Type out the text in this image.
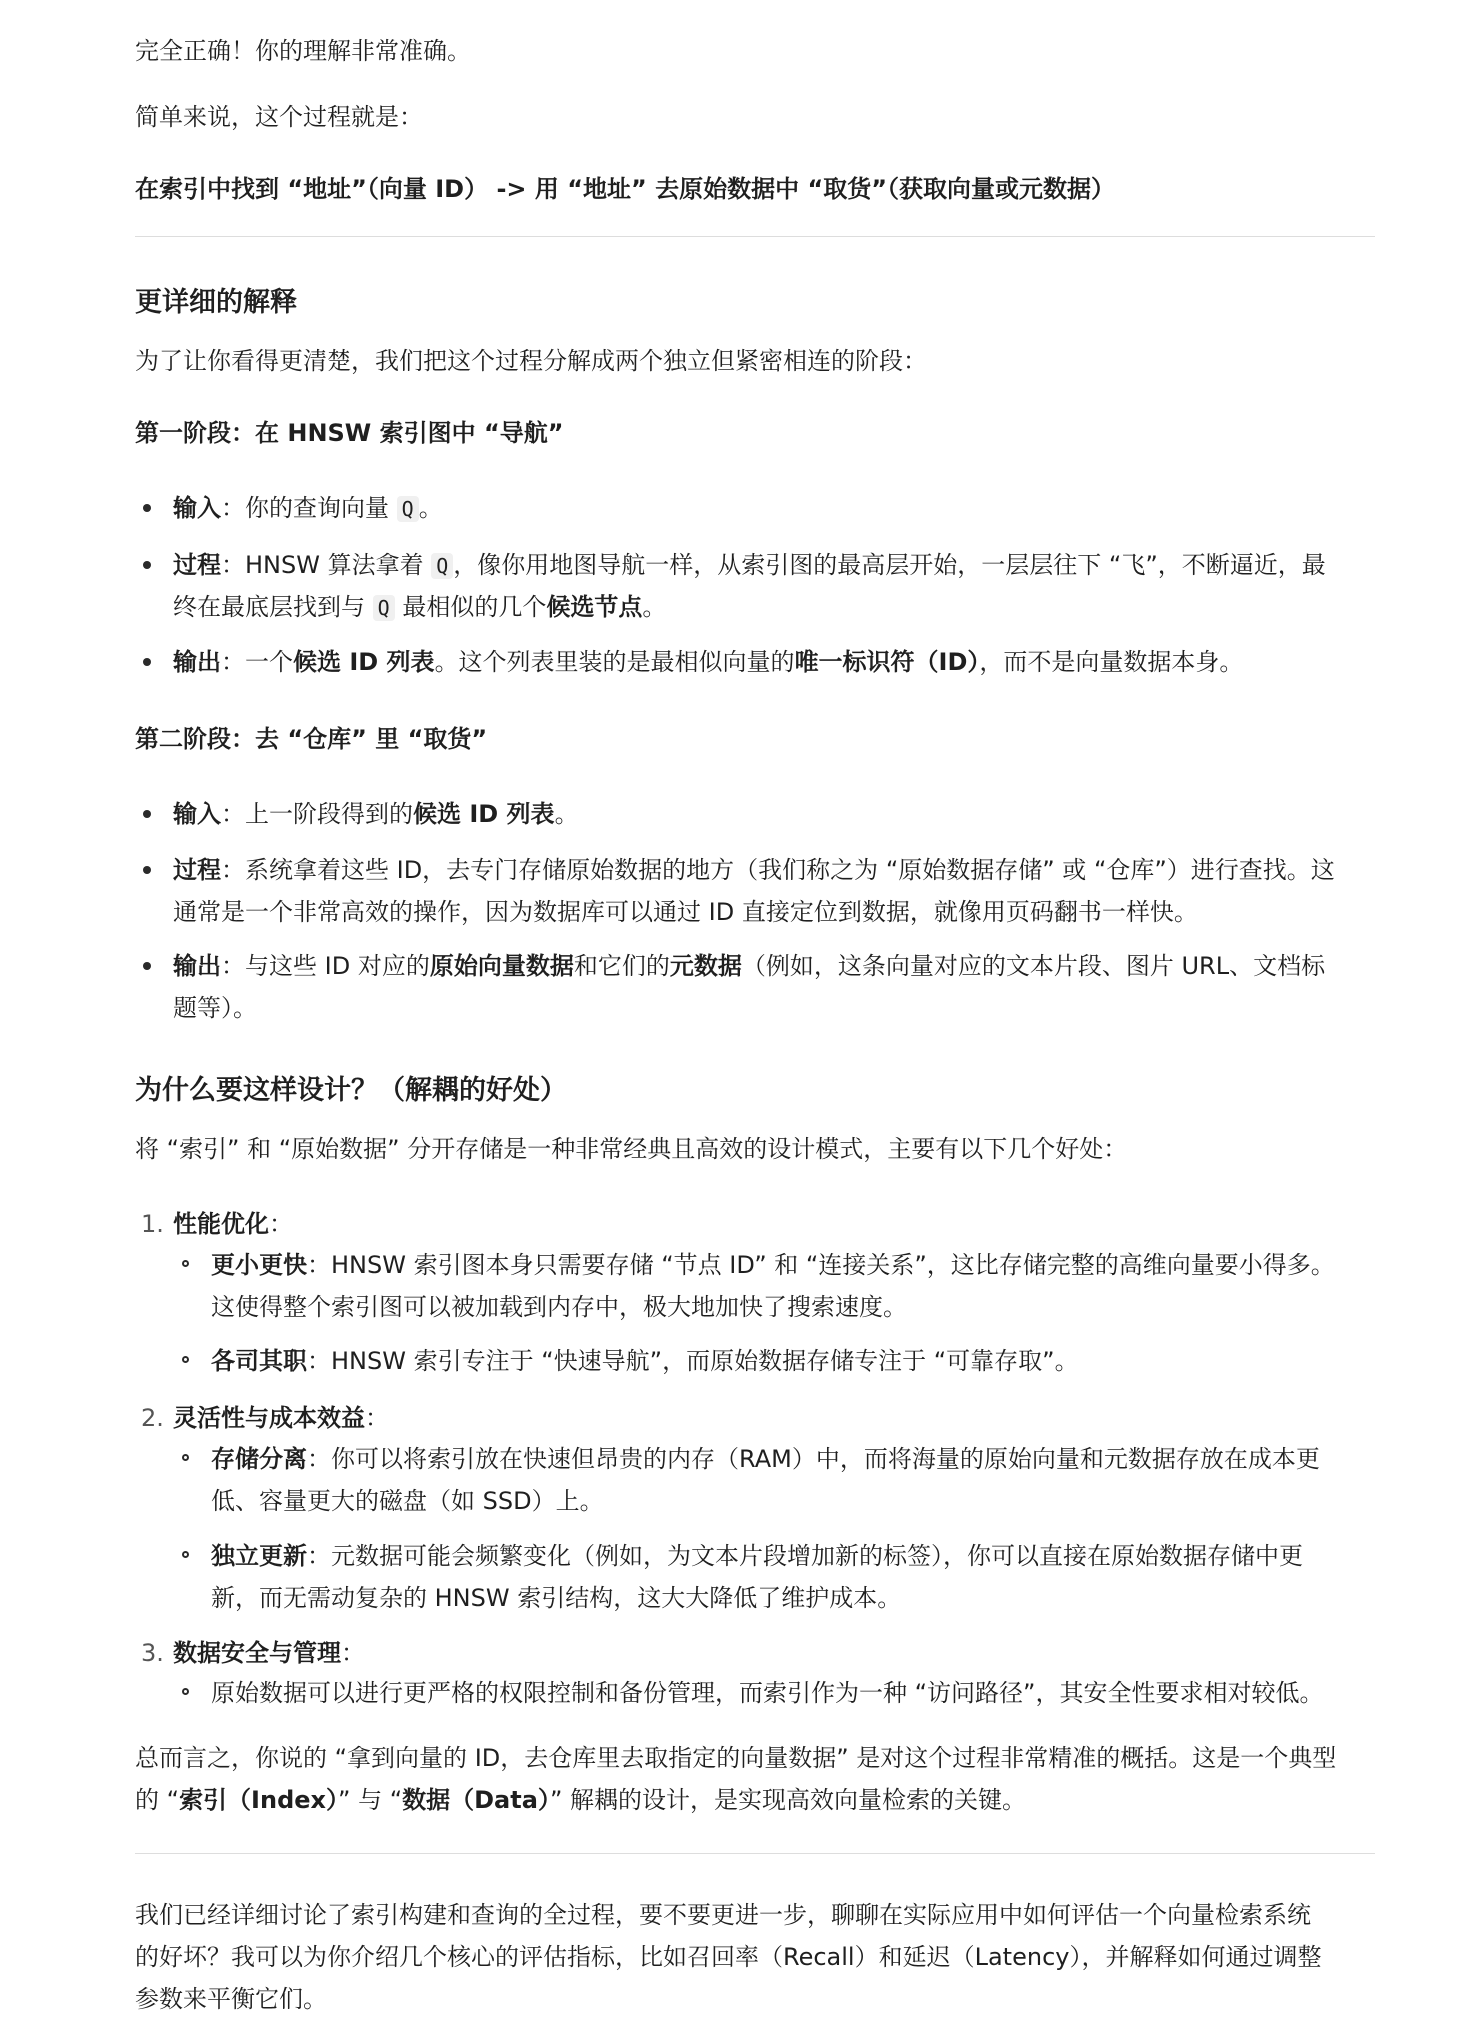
完全正确！你的理解非常准确。
简单来说，这个过程就是：
在索引中找到 “地址”（向量 ID） -> 用 “地址” 去原始数据中 “取货”（获取向量或元数据）
更详细的解释
为了让你看得更清楚，我们把这个过程分解成两个独立但紧密相连的阶段：
第一阶段：在 HNSW 索引图中 “导航”
输入：你的查询向量 Q 。
过程：HNSW 算法拿着 Q ，像你用地图导航一样，从索引图的最高层开始，一层层往下 “飞”，不断逼近，最
终在最底层找到与 Q 最相似的几个候选节点。
输出：一个候选 ID 列表。这个列表里装的是最相似向量的唯一标识符（ID），而不是向量数据本身。
第二阶段：去 “仓库” 里 “取货”
输入：上一阶段得到的候选 ID 列表。
过程：系统拿着这些 ID，去专门存储原始数据的地方（我们称之为 “原始数据存储” 或 “仓库”）进行查找。这
通常是一个非常高效的操作，因为数据库可以通过 ID 直接定位到数据，就像用页码翻书一样快。
输出：与这些 ID 对应的原始向量数据和它们的元数据（例如，这条向量对应的文本片段、图片 URL、文档标
题等）。
为什么要这样设计？（解耦的好处）
将 “索引” 和 “原始数据” 分开存储是一种非常经典且高效的设计模式，主要有以下几个好处：
1. 性能优化：
更小更快：HNSW 索引图本身只需要存储 “节点 ID” 和 “连接关系”，这比存储完整的高维向量要小得多。
这使得整个索引图可以被加载到内存中，极大地加快了搜索速度。
各司其职：HNSW 索引专注于 “快速导航”，而原始数据存储专注于 “可靠存取”。
2. 灵活性与成本效益：
存储分离：你可以将索引放在快速但昂贵的内存（RAM）中，而将海量的原始向量和元数据存放在成本更
低、容量更大的磁盘（如 SSD）上。
独立更新：元数据可能会频繁变化（例如，为文本片段增加新的标签），你可以直接在原始数据存储中更
新，而无需动复杂的 HNSW 索引结构，这大大降低了维护成本。
3. 数据安全与管理：
原始数据可以进行更严格的权限控制和备份管理，而索引作为一种 “访问路径”，其安全性要求相对较低。
总而言之，你说的 “拿到向量的 ID，去仓库里去取指定的向量数据” 是对这个过程非常精准的概括。这是一个典型
的 “索引（Index）” 与 “数据（Data）” 解耦的设计，是实现高效向量检索的关键。
我们已经详细讨论了索引构建和查询的全过程，要不要更进一步，聊聊在实际应用中如何评估一个向量检索系统
的好坏？我可以为你介绍几个核心的评估指标，比如召回率（Recall）和延迟（Latency），并解释如何通过调整
参数来平衡它们。
